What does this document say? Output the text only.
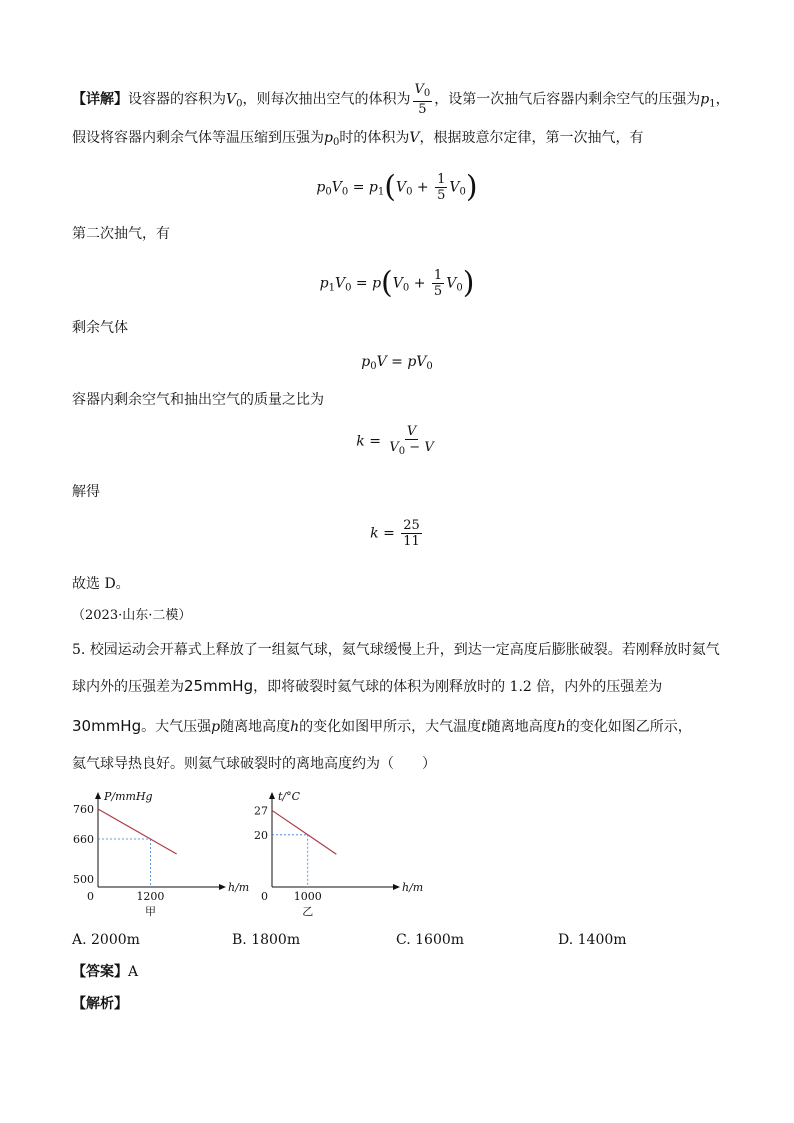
【详解】设容器的容积为$V_0$，则每次抽出空气的体积为 $\frac{V_0}{5}$ ，设第一次抽气后容器内剩余空气的压强为$p_1$，
假设将容器内剩余气体等温压缩到压强为$p_0$时的体积为V，根据玻意尔定律，第一次抽气，有
$p_0V_0 = p_1(V_0 + \frac{1}{5} V_0)$
第二次抽气，有
$p_1V_0 = p(V_0 + \frac{1}{5} V_0)$
剩余气体
$p_0V = pV_0$
容器内剩余空气和抽出空气的质量之比为
$k = \frac{V}{V_0 - V}$
解得
$k = \frac{25}{11}$
故选 D。
（2023·山东·二模）
5. 校园运动会开幕式上释放了一组氦气球，氦气球缓慢上升，到达一定高度后膨胀破裂。若刚释放时氦气
球内外的压强差为25mmHg，即将破裂时氦气球的体积为刚释放时的 1.2 倍，内外的压强差为
30mmHg。大气压强p随离地高度h的变化如图甲所示，大气温度t随离地高度h的变化如图乙所示，
氦气球导热良好。则氦气球破裂时的离地高度约为（　　）
P/mmHg
h/m
760
660
500
0	1200
甲
t/°C
h/m
27
20
0 1000
乙
A. 2000m	B. 1800m	C. 1600m	D. 1400m
【答案】A
【解析】
